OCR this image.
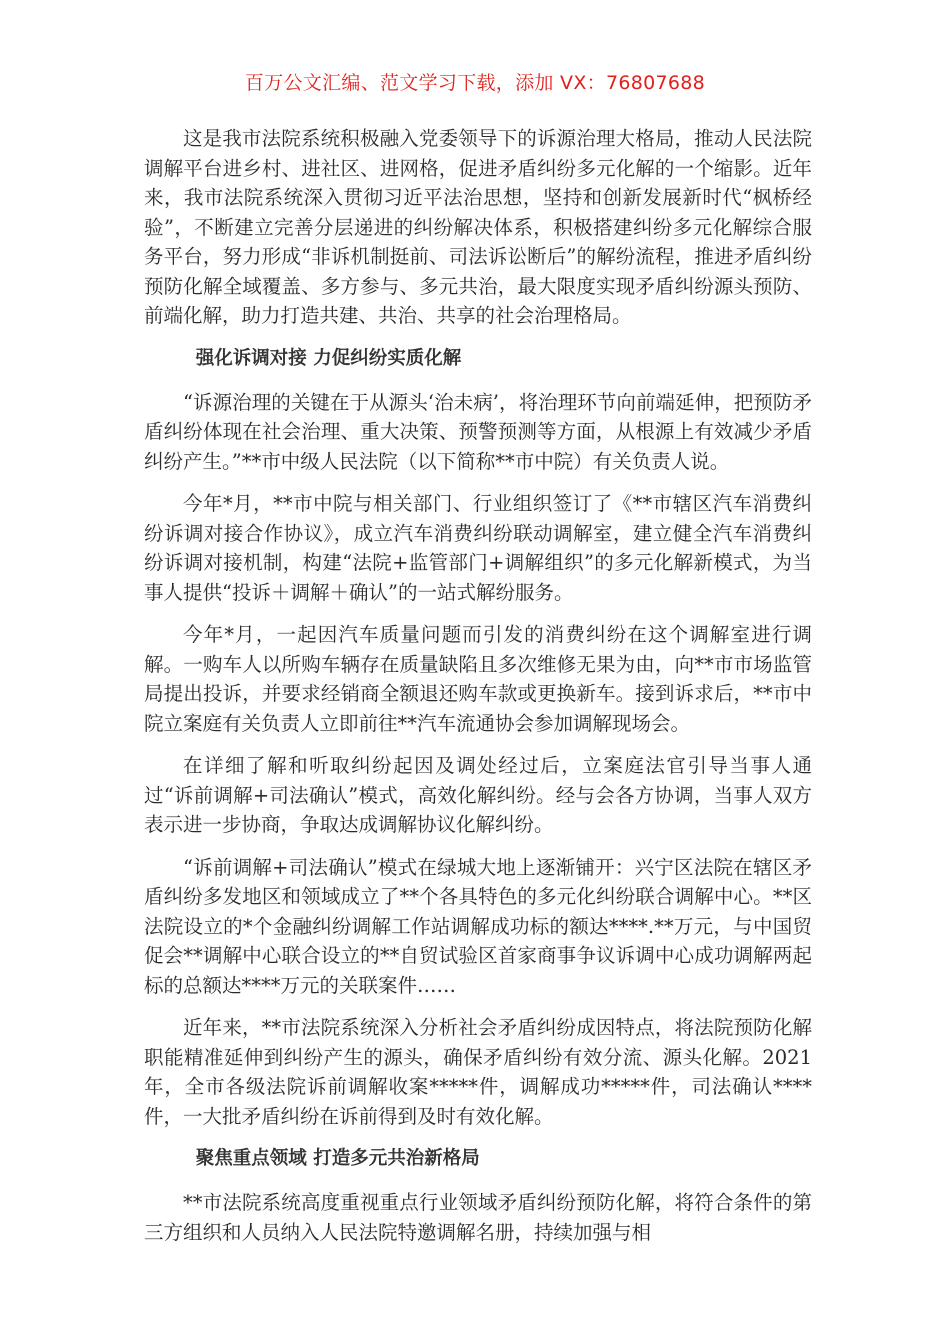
百万公文汇编、范文学习下载，添加 VX：76807688

这是我市法院系统积极融入党委领导下的诉源治理大格局，推动人民法院调解平台进乡村、进社区、进网格，促进矛盾纠纷多元化解的一个缩影。近年来，我市法院系统深入贯彻习近平法治思想，坚持和创新发展新时代“枫桥经验”，不断建立完善分层递进的纠纷解决体系，积极搭建纠纷多元化解综合服务平台，努力形成“非诉机制挺前、司法诉讼断后”的解纷流程，推进矛盾纠纷预防化解全域覆盖、多方参与、多元共治，最大限度实现矛盾纠纷源头预防、前端化解，助力打造共建、共治、共享的社会治理格局。

强化诉调对接 力促纠纷实质化解

“诉源治理的关键在于从源头‘治未病’，将治理环节向前端延伸，把预防矛盾纠纷体现在社会治理、重大决策、预警预测等方面，从根源上有效减少矛盾纠纷产生。”**市中级人民法院（以下简称**市中院）有关负责人说。

今年*月，**市中院与相关部门、行业组织签订了《**市辖区汽车消费纠纷诉调对接合作协议》，成立汽车消费纠纷联动调解室，建立健全汽车消费纠纷诉调对接机制，构建“法院+监管部门+调解组织”的多元化解新模式，为当事人提供“投诉＋调解＋确认”的一站式解纷服务。

今年*月，一起因汽车质量问题而引发的消费纠纷在这个调解室进行调解。一购车人以所购车辆存在质量缺陷且多次维修无果为由，向**市市场监管局提出投诉，并要求经销商全额退还购车款或更换新车。接到诉求后，**市中院立案庭有关负责人立即前往**汽车流通协会参加调解现场会。

在详细了解和听取纠纷起因及调处经过后，立案庭法官引导当事人通过“诉前调解+司法确认”模式，高效化解纠纷。经与会各方协调，当事人双方表示进一步协商，争取达成调解协议化解纠纷。

“诉前调解+司法确认”模式在绿城大地上逐渐铺开：兴宁区法院在辖区矛盾纠纷多发地区和领域成立了**个各具特色的多元化纠纷联合调解中心。**区法院设立的*个金融纠纷调解工作站调解成功标的额达****.**万元，与中国贸促会**调解中心联合设立的**自贸试验区首家商事争议诉调中心成功调解两起标的总额达****万元的关联案件……

近年来，**市法院系统深入分析社会矛盾纠纷成因特点，将法院预防化解职能精准延伸到纠纷产生的源头，确保矛盾纠纷有效分流、源头化解。2021年，全市各级法院诉前调解收案*****件，调解成功*****件，司法确认****件，一大批矛盾纠纷在诉前得到及时有效化解。

聚焦重点领域 打造多元共治新格局

**市法院系统高度重视重点行业领域矛盾纠纷预防化解，将符合条件的第三方组织和人员纳入人民法院特邀调解名册，持续加强与相
